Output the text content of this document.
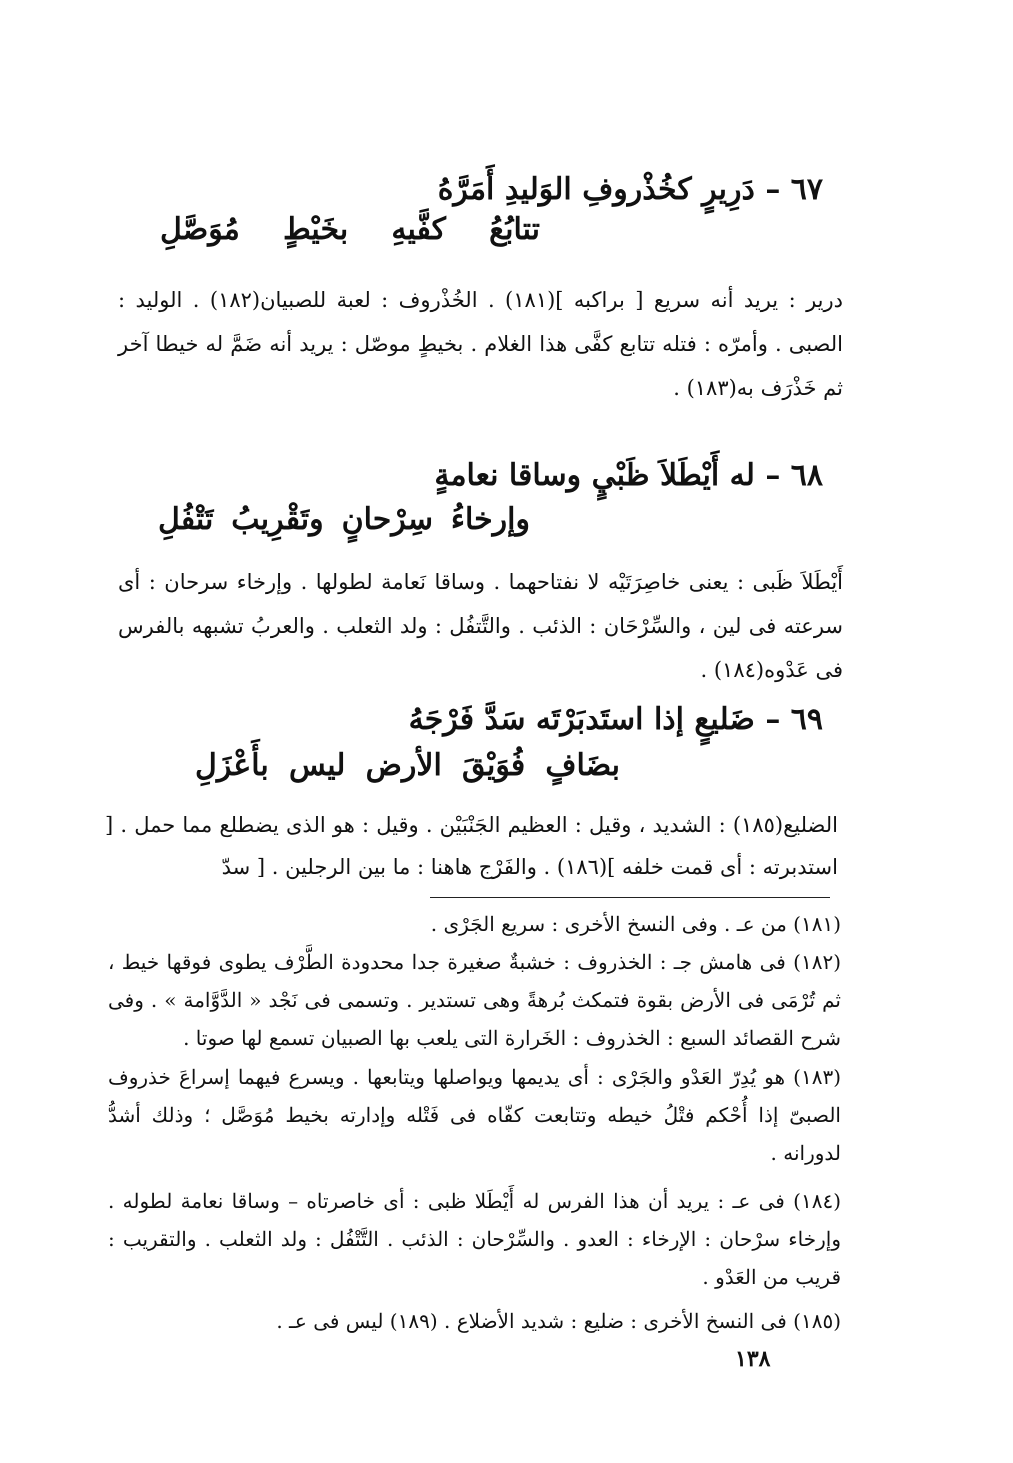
٦٧ – دَرِيرٍ كخُذْروفِ الوَليدِ أَمَرَّهُ
تتابُعُ
كفَّيهِ
بخَيْطٍ
مُوَصَّلِ
درير : يريد أنه سريع [ براكبه ](١٨١) . الخُذْروف : لعبة للصبيان(١٨٢) . الوليد : الصبى . وأمرّه : فتله تتابع كفَّى هذا الغلام . بخيطٍ موصّل : يريد أنه ضَمَّ له خيطا آخر ثم خَذْرَف به(١٨٣) .
٦٨ – له أَيْطَلاَ ظَبْيٍ وساقا نعامةٍ
وإرخاءُ
سِرْحانٍ
وتَقْرِيبُ
تَتْفُلِ
أَيْطَلاَ ظَبى : يعنى خاصِرَتَيْه لا نفتاحهما . وساقا نَعامة لطولها . وإرخاء سرحان : أى سرعته فى لين ، والسِّرْحَان : الذئب . والتَّتفُل : ولد الثعلب . والعربُ تشبهه بالفرس فى عَدْوه(١٨٤) .
٦٩ – ضَليعٍ إذا استَدبَرْتَه سَدَّ فَرْجَهُ
بضَافٍ
فُوَيْقَ
الأرض
ليس
بأَعْزَلِ
الضليع(١٨٥) : الشديد ، وقيل : العظيم الجَنْبَيْن . وقيل : هو الذى يضطلع مما حمل . [ استدبرته : أى قمت خلفه ](١٨٦) . والفَرْج هاهنا : ما بين الرجلين . [ سدّ
(١٨١) من عـ . وفى النسخ الأخرى : سريع الجَرْى .
(١٨٢) فى هامش جـ : الخذروف : خشبةٌ صغيرة جدا محدودة الطَّرْف يطوى فوقها خيط ، ثم تُرْمَى فى الأرض بقوة فتمكث بُرهةً وهى تستدير . وتسمى فى نَجْد « الدَّوَّامة » . وفى شرح القصائد السبع : الخذروف : الخَرارة التى يلعب بها الصبيان تسمع لها صوتا .
(١٨٣) هو يُدِرّ العَدْو والجَرْى : أى يديمها ويواصلها ويتابعها . ويسرع فيهما إسراعَ خذروف الصبىّ إذا أُحْكم فتْلُ خيطه وتتابعت كفّاه فى فَتْله وإدارته بخيط مُوَصَّل ؛ وذلك أشدُّ لدورانه .
(١٨٤) فى عـ : يريد أن هذا الفرس له أَيْطَلا ظبى : أى خاصرتاه – وساقا نعامة لطوله . وإرخاء سرْحان : الإرخاء : العدو . والسِّرْحان : الذئب . التَّتْفُل : ولد الثعلب . والتقريب : قريب من العَدْو .
(١٨٥) فى النسخ الأخرى : ضليع : شديد الأضلاع . (١٨٩) ليس فى عـ .
١٣٨
